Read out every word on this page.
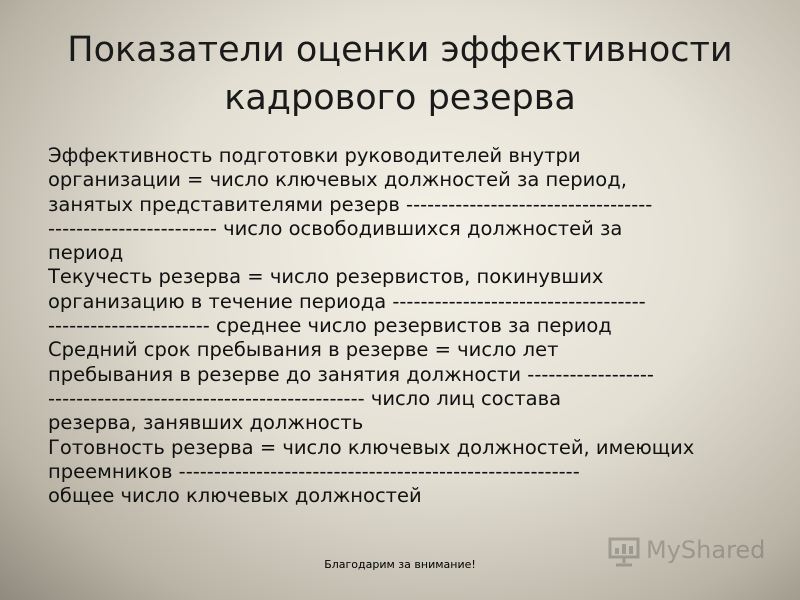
Показатели оценки эффективности
кадрового резерва
Эффективность подготовки руководителей внутри
организации = число ключевых должностей за период,
занятых представителями резерв -----------------------------------
------------------------ число освободившихся должностей за
период
Текучесть резерва = число резервистов, покинувших
организацию в течение периода ------------------------------------
----------------------- среднее число резервистов за период
Средний срок пребывания в резерве = число лет
пребывания в резерве до занятия должности ------------------
--------------------------------------------- число лиц состава
резерва, занявших должность
Готовность резерва = число ключевых должностей, имеющих
преемников ---------------------------------------------------------
общее число ключевых должностей
Благодарим за внимание!
MyShared
